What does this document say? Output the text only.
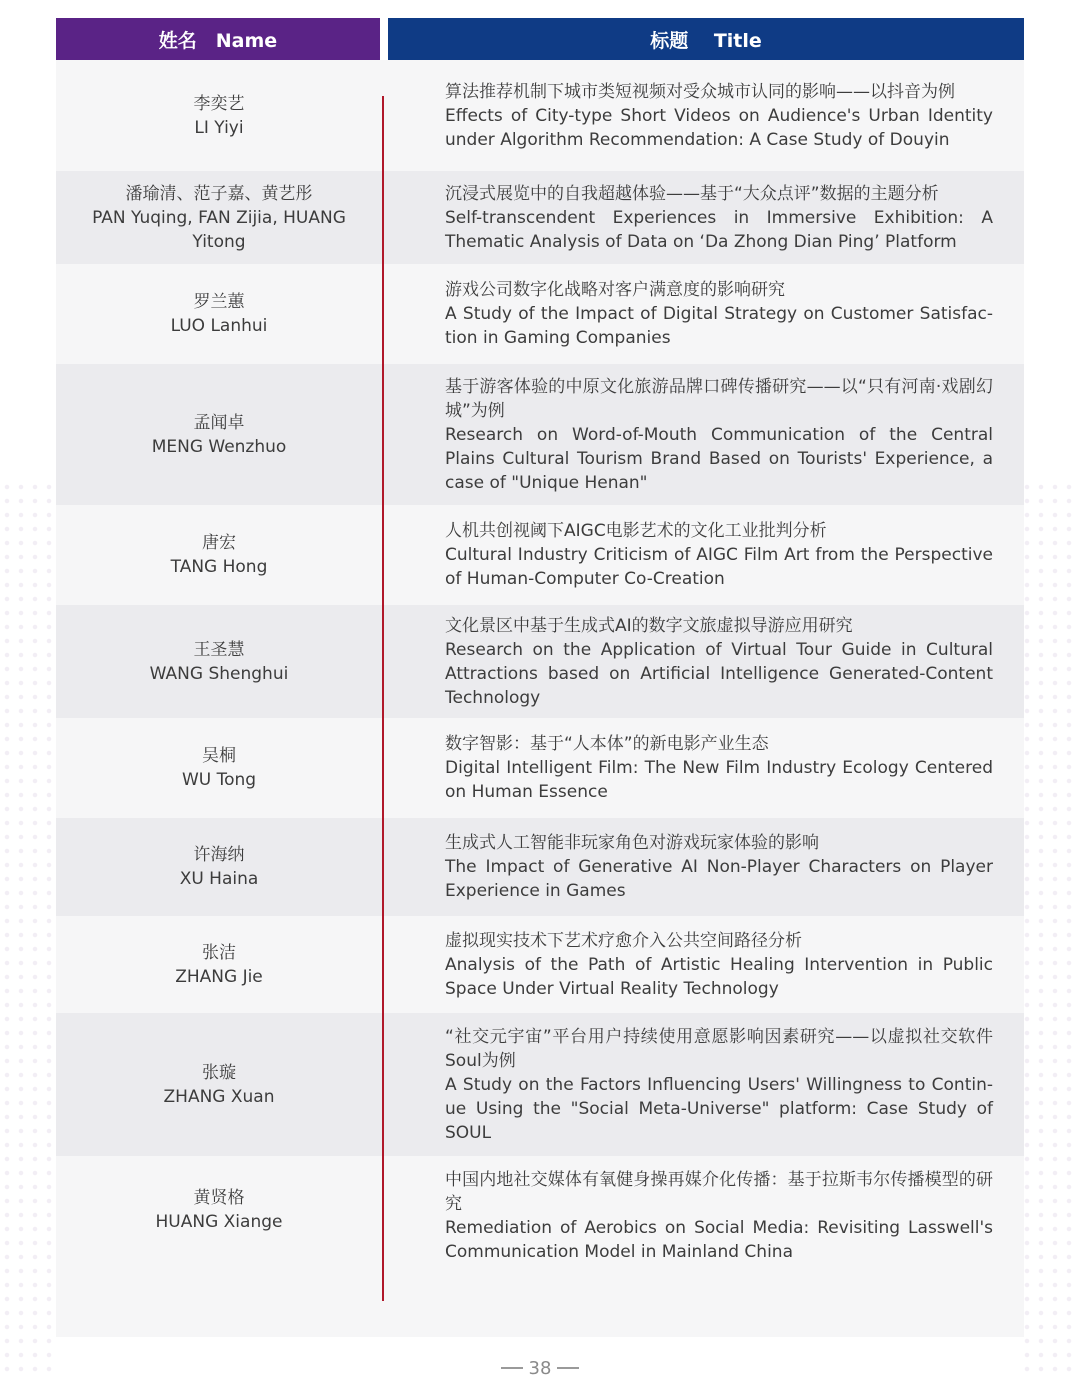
姓名　Name	标题　 Title
李奕艺
LI Yiyi
算法推荐机制下城市类短视频对受众城市认同的影响——以抖音为例
Effects of City-type Short Videos on Audience's Urban Identity under Algorithm Recommendation: A Case Study of Douyin
潘瑜清、范子嘉、黄艺彤
PAN Yuqing, FAN Zijia, HUANG Yitong
沉浸式展览中的自我超越体验——基于“大众点评”数据的主题分析
Self-transcendent Experiences in Immersive Exhibition: A Thematic Analysis of Data on ‘Da Zhong Dian Ping’ Platform
罗兰蕙
LUO Lanhui
游戏公司数字化战略对客户满意度的影响研究
A Study of the Impact of Digital Strategy on Customer Satisfac-tion in Gaming Companies
孟闻卓
MENG Wenzhuo
基于游客体验的中原文化旅游品牌口碑传播研究——以“只有河南·戏剧幻城”为例
Research on Word-of-Mouth Communication of the Central Plains Cultural Tourism Brand Based on Tourists' Experience, a case of "Unique Henan"
唐宏
TANG Hong
人机共创视阈下AIGC电影艺术的文化工业批判分析
Cultural Industry Criticism of AIGC Film Art from the Perspective of Human-Computer Co-Creation
王圣慧
WANG Shenghui
文化景区中基于生成式AI的数字文旅虚拟导游应用研究
Research on the Application of Virtual Tour Guide in Cultural Attractions based on Artificial Intelligence Generated-Content Technology
吴桐
WU Tong
数字智影：基于“人本体”的新电影产业生态
Digital Intelligent Film: The New Film Industry Ecology Centered on Human Essence
许海纳
XU Haina
生成式人工智能非玩家角色对游戏玩家体验的影响
The Impact of Generative AI Non-Player Characters on Player Experience in Games
张洁
ZHANG Jie
虚拟现实技术下艺术疗愈介入公共空间路径分析
Analysis of the Path of Artistic Healing Intervention in Public Space Under Virtual Reality Technology
张璇
ZHANG Xuan
“社交元宇宙”平台用户持续使用意愿影响因素研究——以虚拟社交软件Soul为例
A Study on the Factors Influencing Users' Willingness to Contin-ue Using the "Social Meta-Universe" platform: Case Study of SOUL
黄贤格
HUANG Xiange
中国内地社交媒体有氧健身操再媒介化传播：基于拉斯韦尔传播模型的研究
Remediation of Aerobics on Social Media: Revisiting Lasswell's Communication Model in Mainland China
38
